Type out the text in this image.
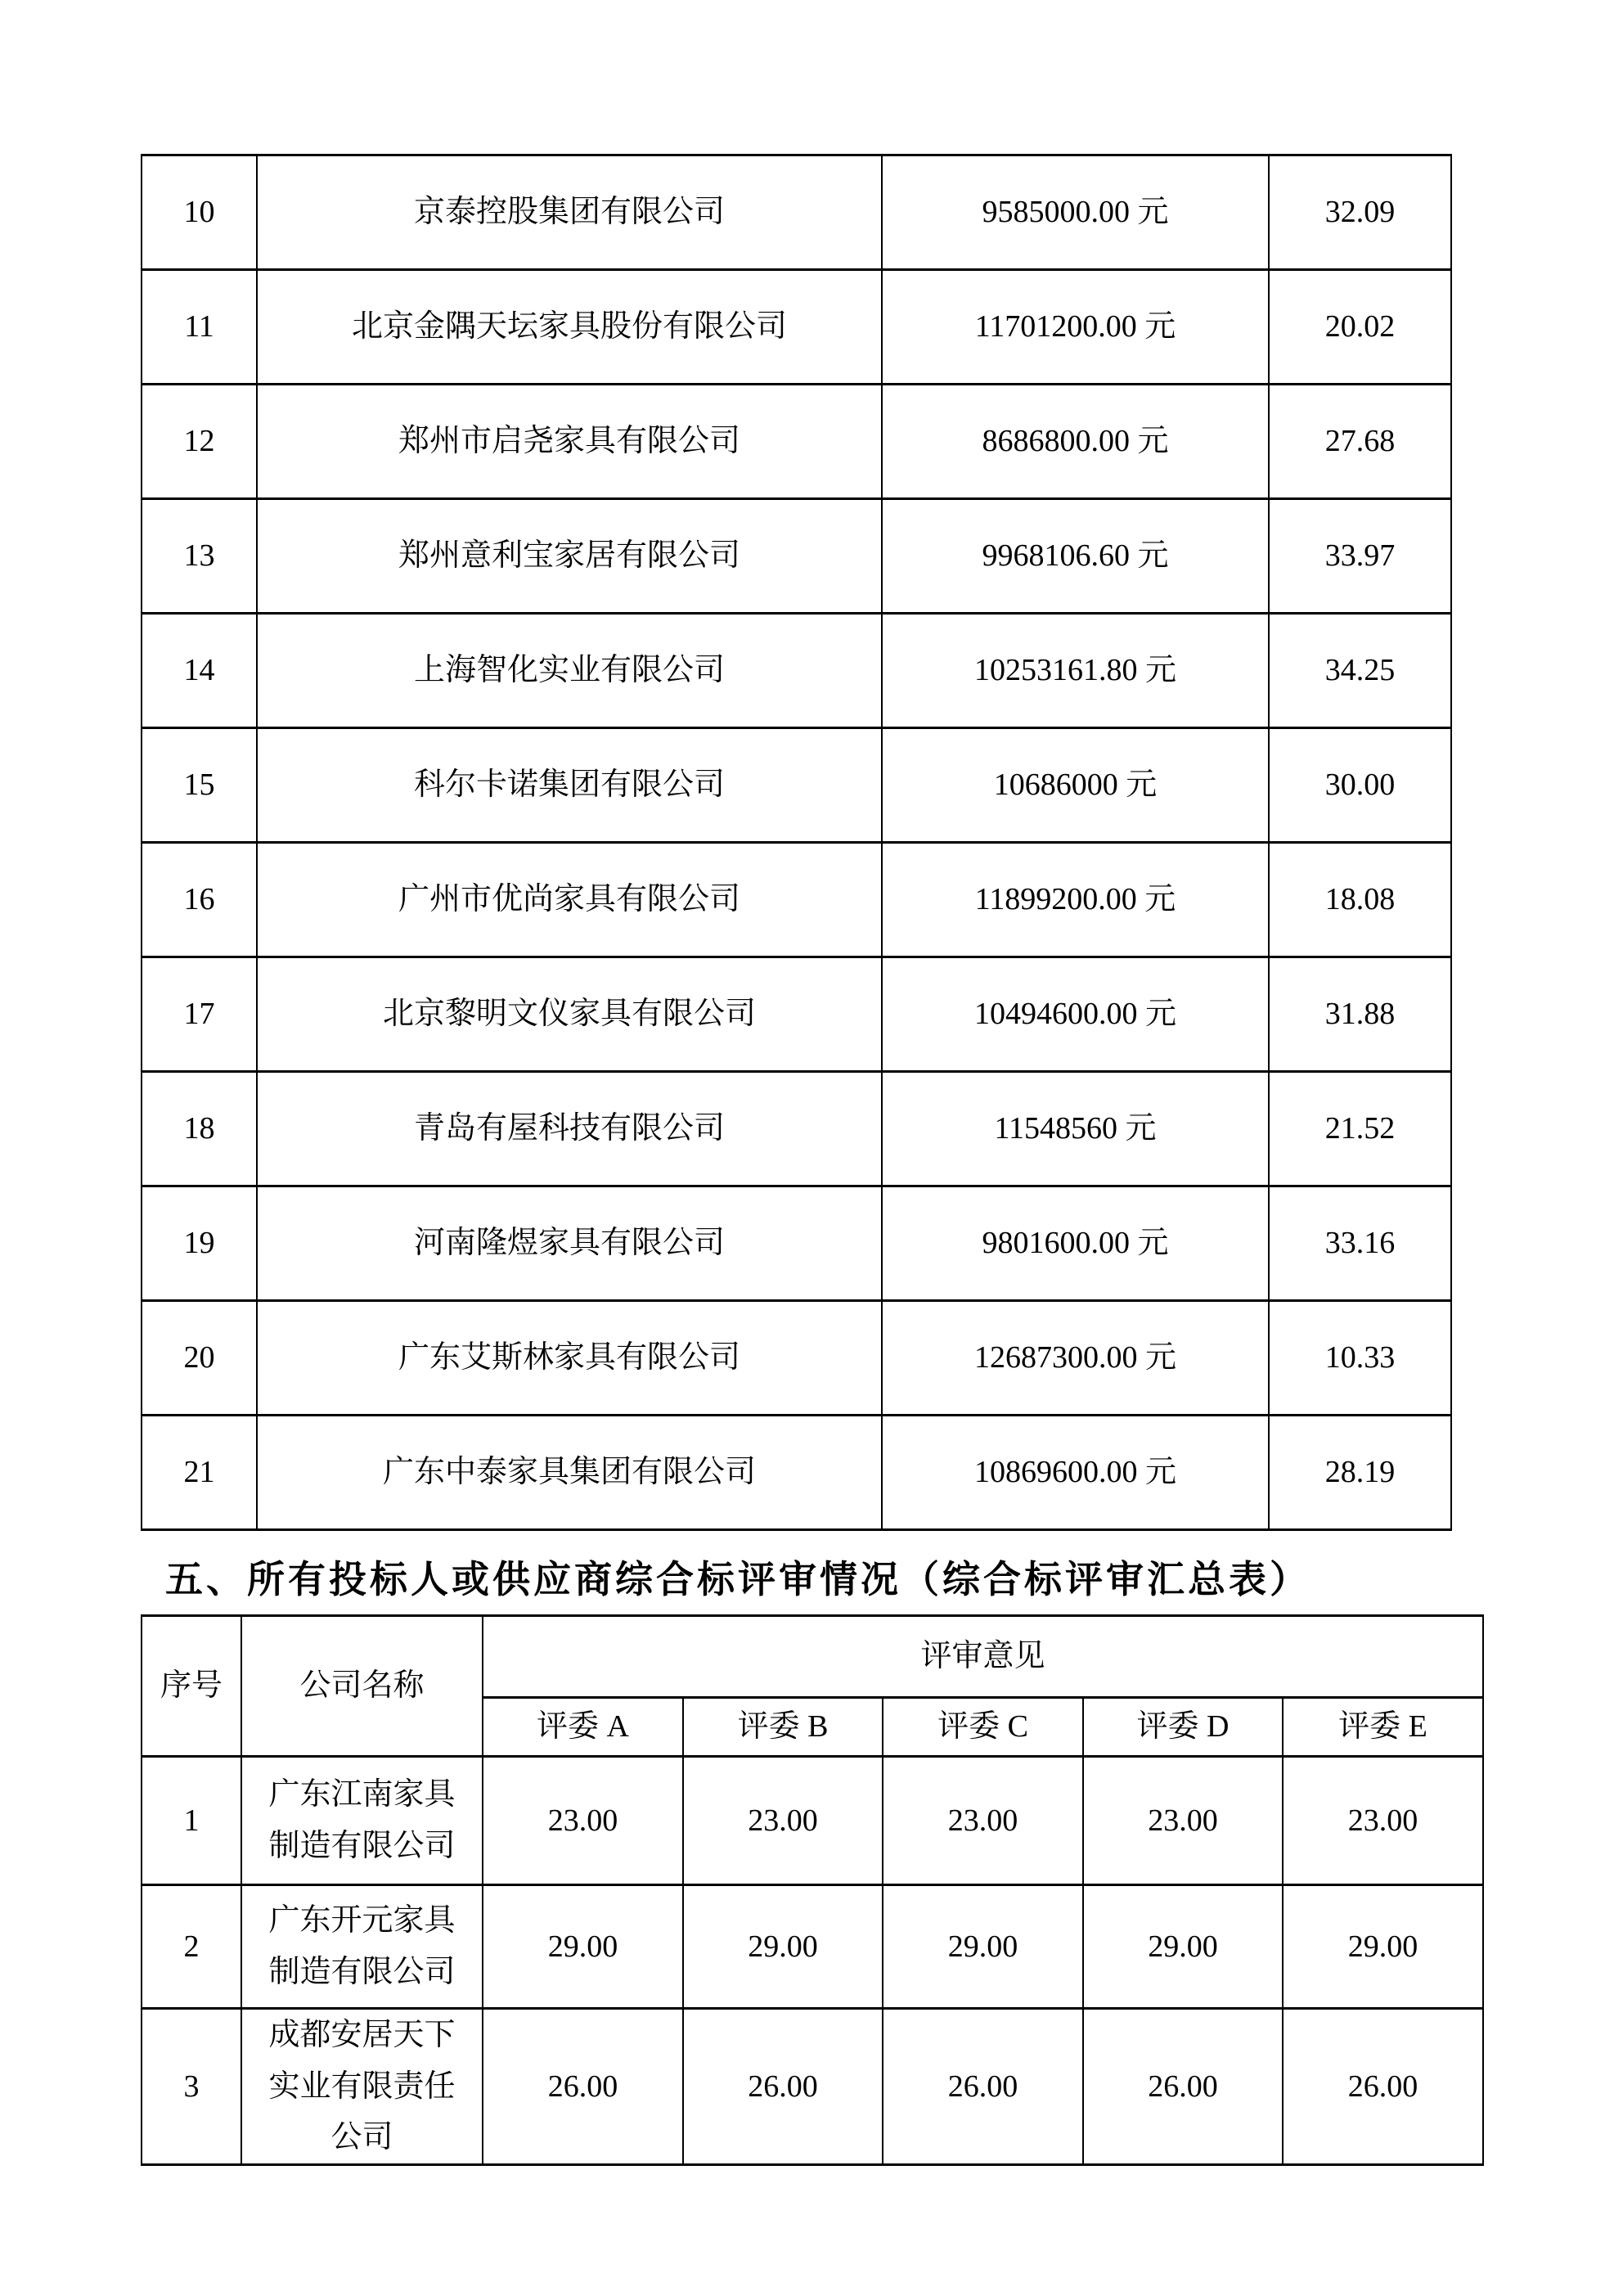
10	京泰控股集团有限公司	9585000.00 元	32.09
11	北京金隅天坛家具股份有限公司	11701200.00 元	20.02
12	郑州市启尧家具有限公司	8686800.00 元	27.68
13	郑州意利宝家居有限公司	9968106.60 元	33.97
14	上海智化实业有限公司	10253161.80 元	34.25
15	科尔卡诺集团有限公司	10686000 元	30.00
16	广州市优尚家具有限公司	11899200.00 元	18.08
17	北京黎明文仪家具有限公司	10494600.00 元	31.88
18	青岛有屋科技有限公司	11548560 元	21.52
19	河南隆煜家具有限公司	9801600.00 元	33.16
20	广东艾斯林家具有限公司	12687300.00 元	10.33
21	广东中泰家具集团有限公司	10869600.00 元	28.19
五、所有投标人或供应商综合标评审情况（综合标评审汇总表）
序号	公司名称	评审意见				
		评委 A	评委 B	评委 C	评委 D	评委 E
1	广东江南家具制造有限公司	23.00	23.00	23.00	23.00	23.00
2	广东开元家具制造有限公司	29.00	29.00	29.00	29.00	29.00
3	成都安居天下实业有限责任公司	26.00	26.00	26.00	26.00	26.00
